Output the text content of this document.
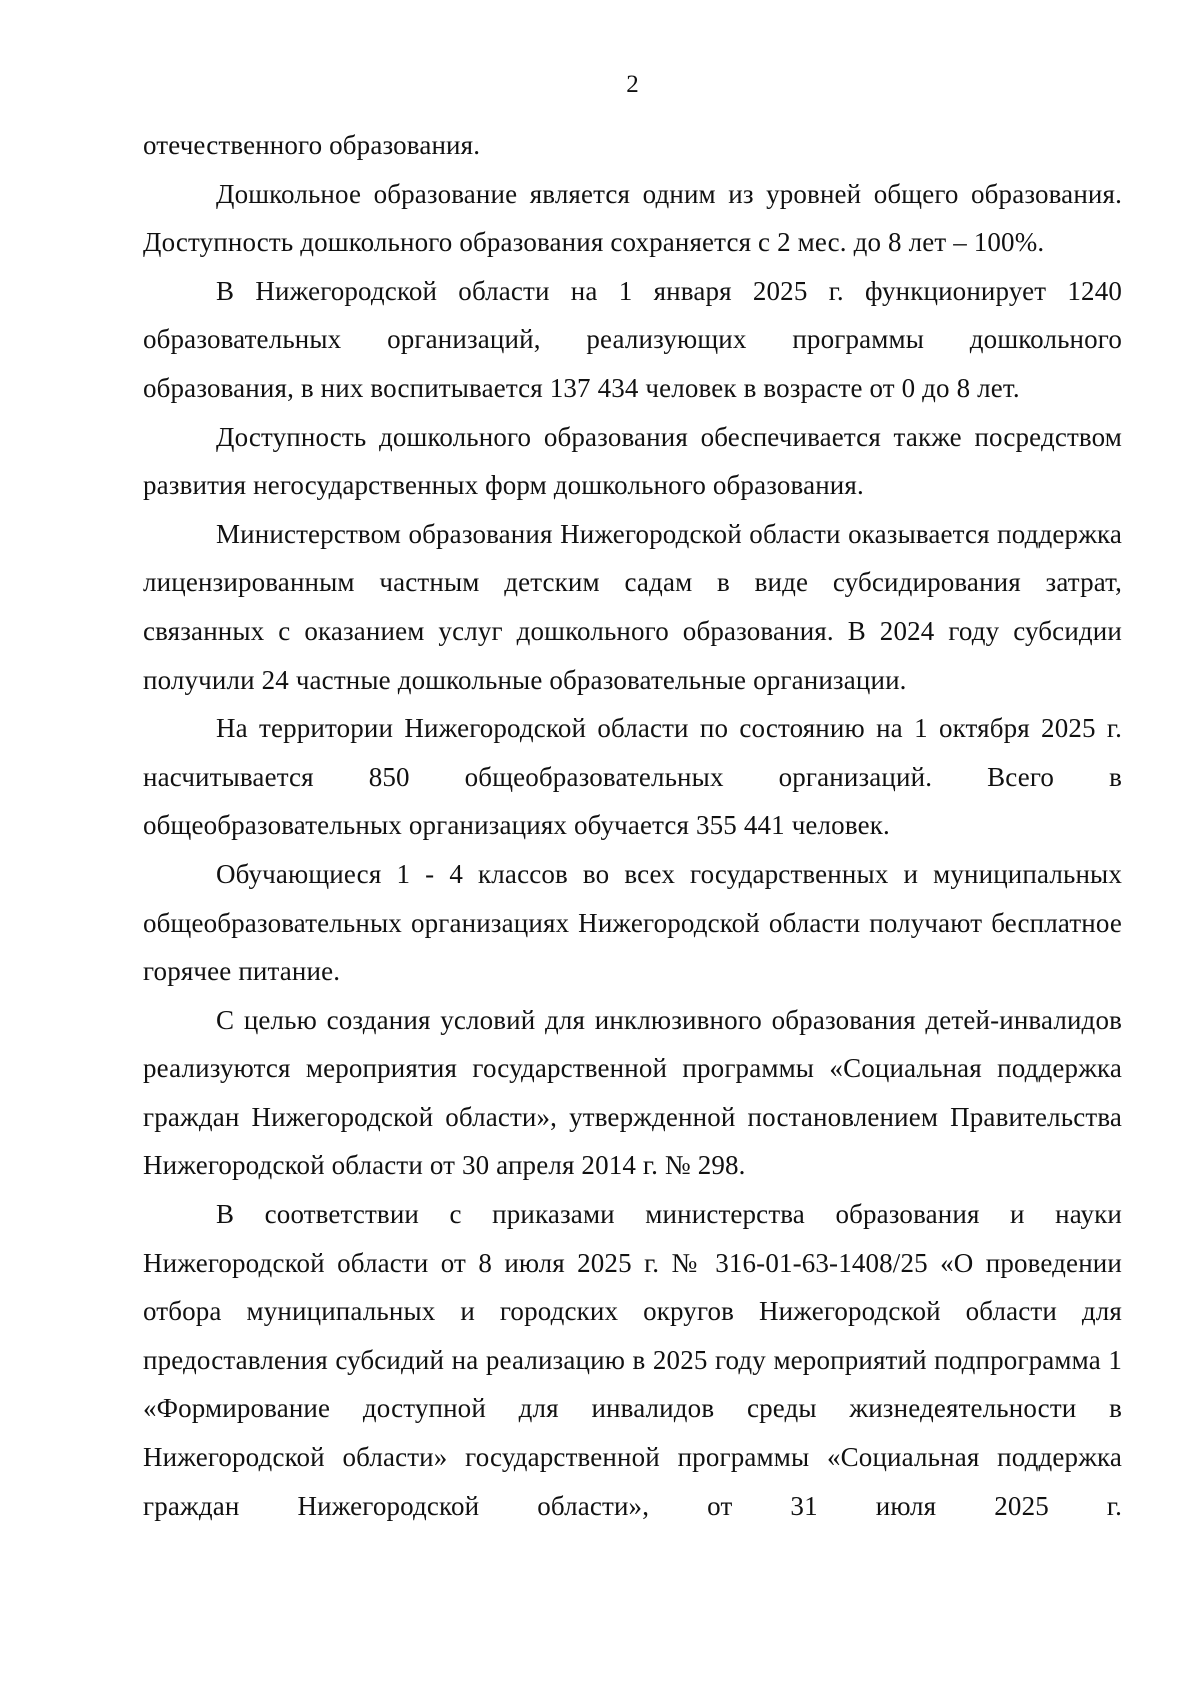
2

отечественного образования.

Дошкольное образование является одним из уровней общего образования. Доступность дошкольного образования сохраняется с 2 мес. до 8 лет – 100%.

В Нижегородской области на 1 января 2025 г. функционирует 1240 образовательных организаций, реализующих программы дошкольного образования, в них воспитывается 137 434 человек в возрасте от 0 до 8 лет.

Доступность дошкольного образования обеспечивается также посредством развития негосударственных форм дошкольного образования.

Министерством образования Нижегородской области оказывается поддержка лицензированным частным детским садам в виде субсидирования затрат, связанных с оказанием услуг дошкольного образования. В 2024 году субсидии получили 24 частные дошкольные образовательные организации.

На территории Нижегородской области по состоянию на 1 октября 2025 г. насчитывается 850 общеобразовательных организаций. Всего в общеобразовательных организациях обучается 355 441 человек.

Обучающиеся 1 - 4 классов во всех государственных и муниципальных общеобразовательных организациях Нижегородской области получают бесплатное горячее питание.

С целью создания условий для инклюзивного образования детей-инвалидов реализуются мероприятия государственной программы «Социальная поддержка граждан Нижегородской области», утвержденной постановлением Правительства Нижегородской области от 30 апреля 2014 г. № 298.

В соответствии с приказами министерства образования и науки Нижегородской области от 8 июля 2025 г. № 316-01-63-1408/25 «О проведении отбора муниципальных и городских округов Нижегородской области для предоставления субсидий на реализацию в 2025 году мероприятий подпрограмма 1 «Формирование доступной для инвалидов среды жизнедеятельности в Нижегородской области» государственной программы «Социальная поддержка граждан Нижегородской области», от 31 июля 2025 г.
